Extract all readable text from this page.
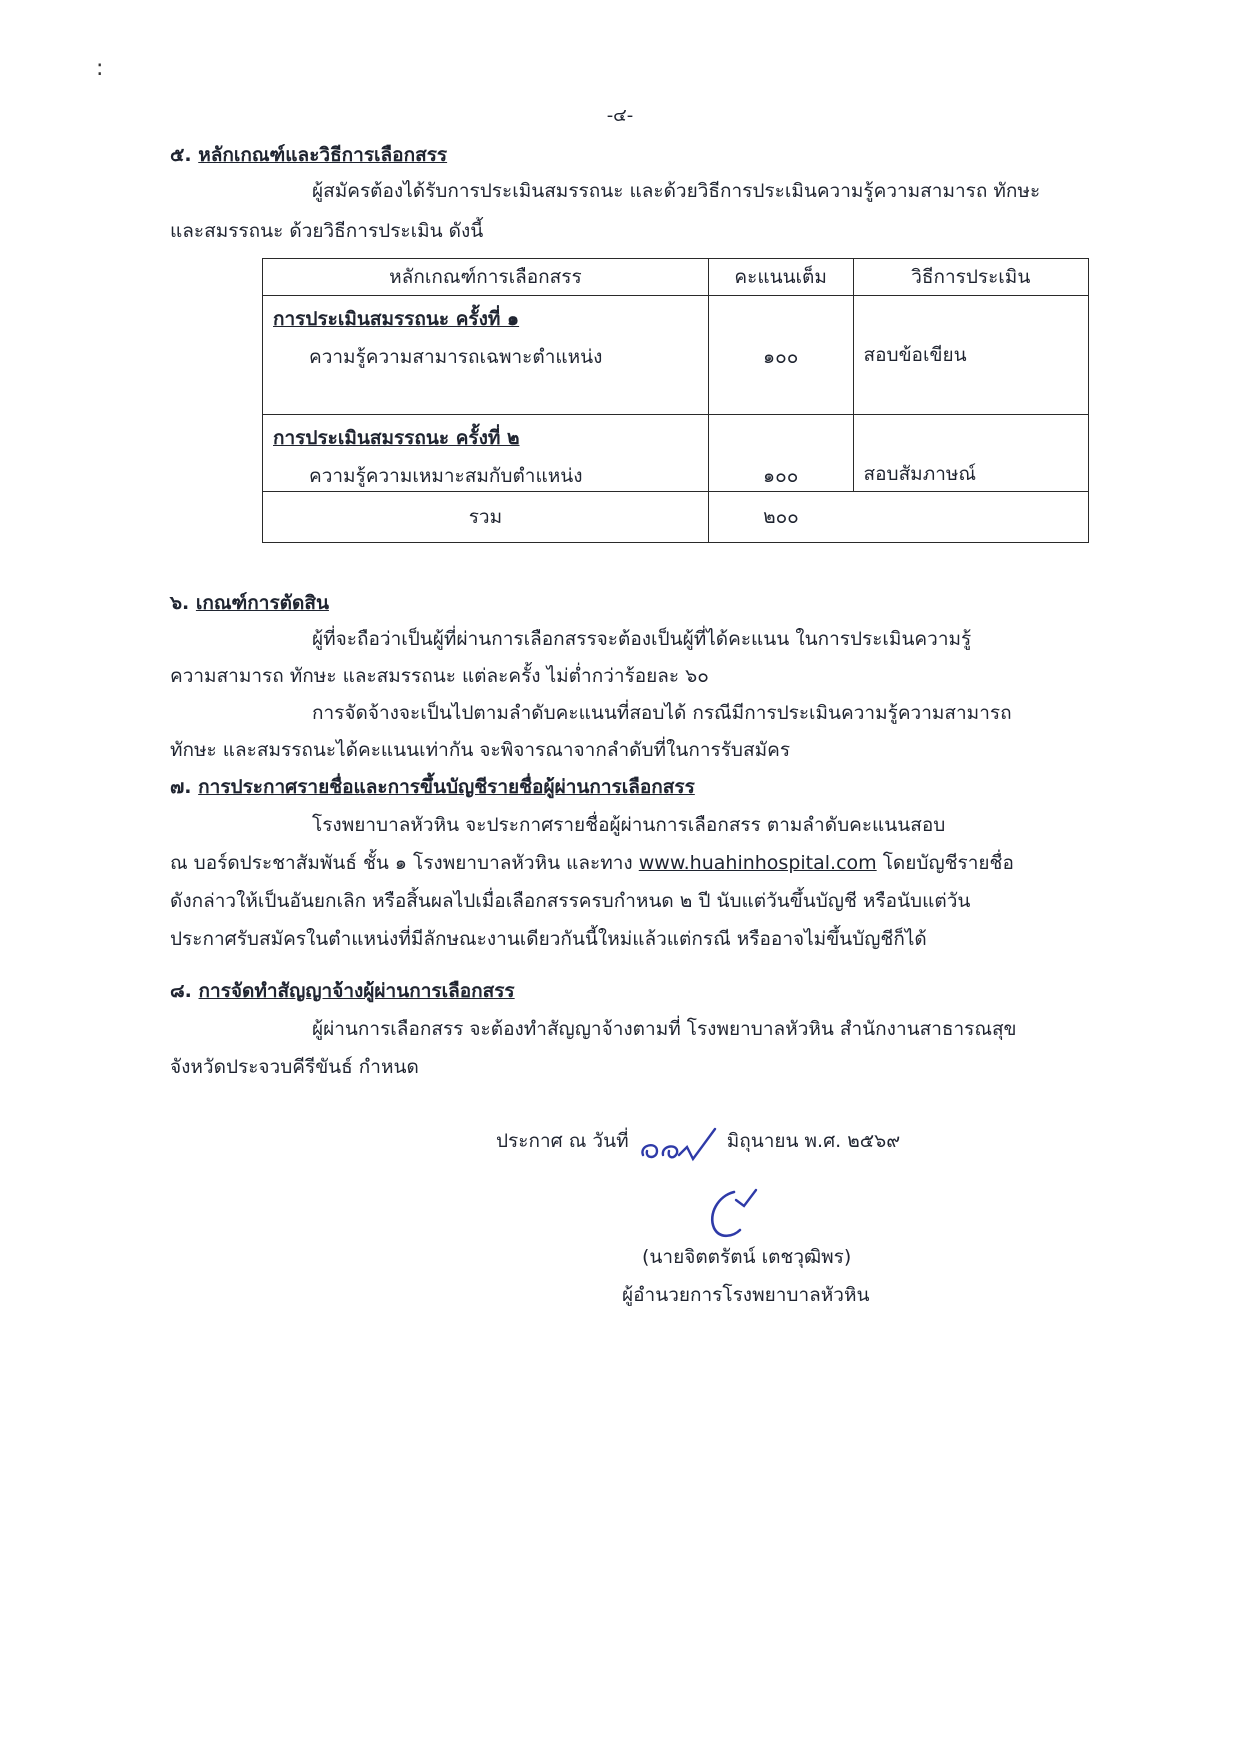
:
-๔-
๕. หลักเกณฑ์และวิธีการเลือกสรร
ผู้สมัครต้องได้รับการประเมินสมรรถนะ และด้วยวิธีการประเมินความรู้ความสามารถ ทักษะ
และสมรรถนะ ด้วยวิธีการประเมิน ดังนี้
หลักเกณฑ์การเลือกสรร	คะแนนเต็ม	วิธีการประเมิน

การประเมินสมรรถนะ ครั้งที่ ๑
ความรู้ความสามารถเฉพาะตำแหน่ง	๑๐๐	สอบข้อเขียน

การประเมินสมรรถนะ ครั้งที่ ๒
ความรู้ความเหมาะสมกับตำแหน่ง	๑๐๐	สอบสัมภาษณ์

รวม	๒๐๐	
๖. เกณฑ์การตัดสิน
ผู้ที่จะถือว่าเป็นผู้ที่ผ่านการเลือกสรรจะต้องเป็นผู้ที่ได้คะแนน ในการประเมินความรู้
ความสามารถ ทักษะ และสมรรถนะ แต่ละครั้ง ไม่ต่ำกว่าร้อยละ ๖๐
การจัดจ้างจะเป็นไปตามลำดับคะแนนที่สอบได้ กรณีมีการประเมินความรู้ความสามารถ
ทักษะ และสมรรถนะได้คะแนนเท่ากัน จะพิจารณาจากลำดับที่ในการรับสมัคร
๗. การประกาศรายชื่อและการขึ้นบัญชีรายชื่อผู้ผ่านการเลือกสรร
โรงพยาบาลหัวหิน จะประกาศรายชื่อผู้ผ่านการเลือกสรร ตามลำดับคะแนนสอบ
ณ บอร์ดประชาสัมพันธ์ ชั้น ๑ โรงพยาบาลหัวหิน และทาง www.huahinhospital.com โดยบัญชีรายชื่อ
ดังกล่าวให้เป็นอันยกเลิก หรือสิ้นผลไปเมื่อเลือกสรรครบกำหนด ๒ ปี นับแต่วันขึ้นบัญชี หรือนับแต่วัน
ประกาศรับสมัครในตำแหน่งที่มีลักษณะงานเดียวกันนี้ใหม่แล้วแต่กรณี หรืออาจไม่ขึ้นบัญชีก็ได้
๘. การจัดทำสัญญาจ้างผู้ผ่านการเลือกสรร
ผู้ผ่านการเลือกสรร จะต้องทำสัญญาจ้างตามที่ โรงพยาบาลหัวหิน สำนักงานสาธารณสุข
จังหวัดประจวบคีรีขันธ์ กำหนด
ประกาศ ณ วันที่	มิถุนายน พ.ศ. ๒๕๖๙
(นายจิตตรัตน์ เตชวุฒิพร)
ผู้อำนวยการโรงพยาบาลหัวหิน
